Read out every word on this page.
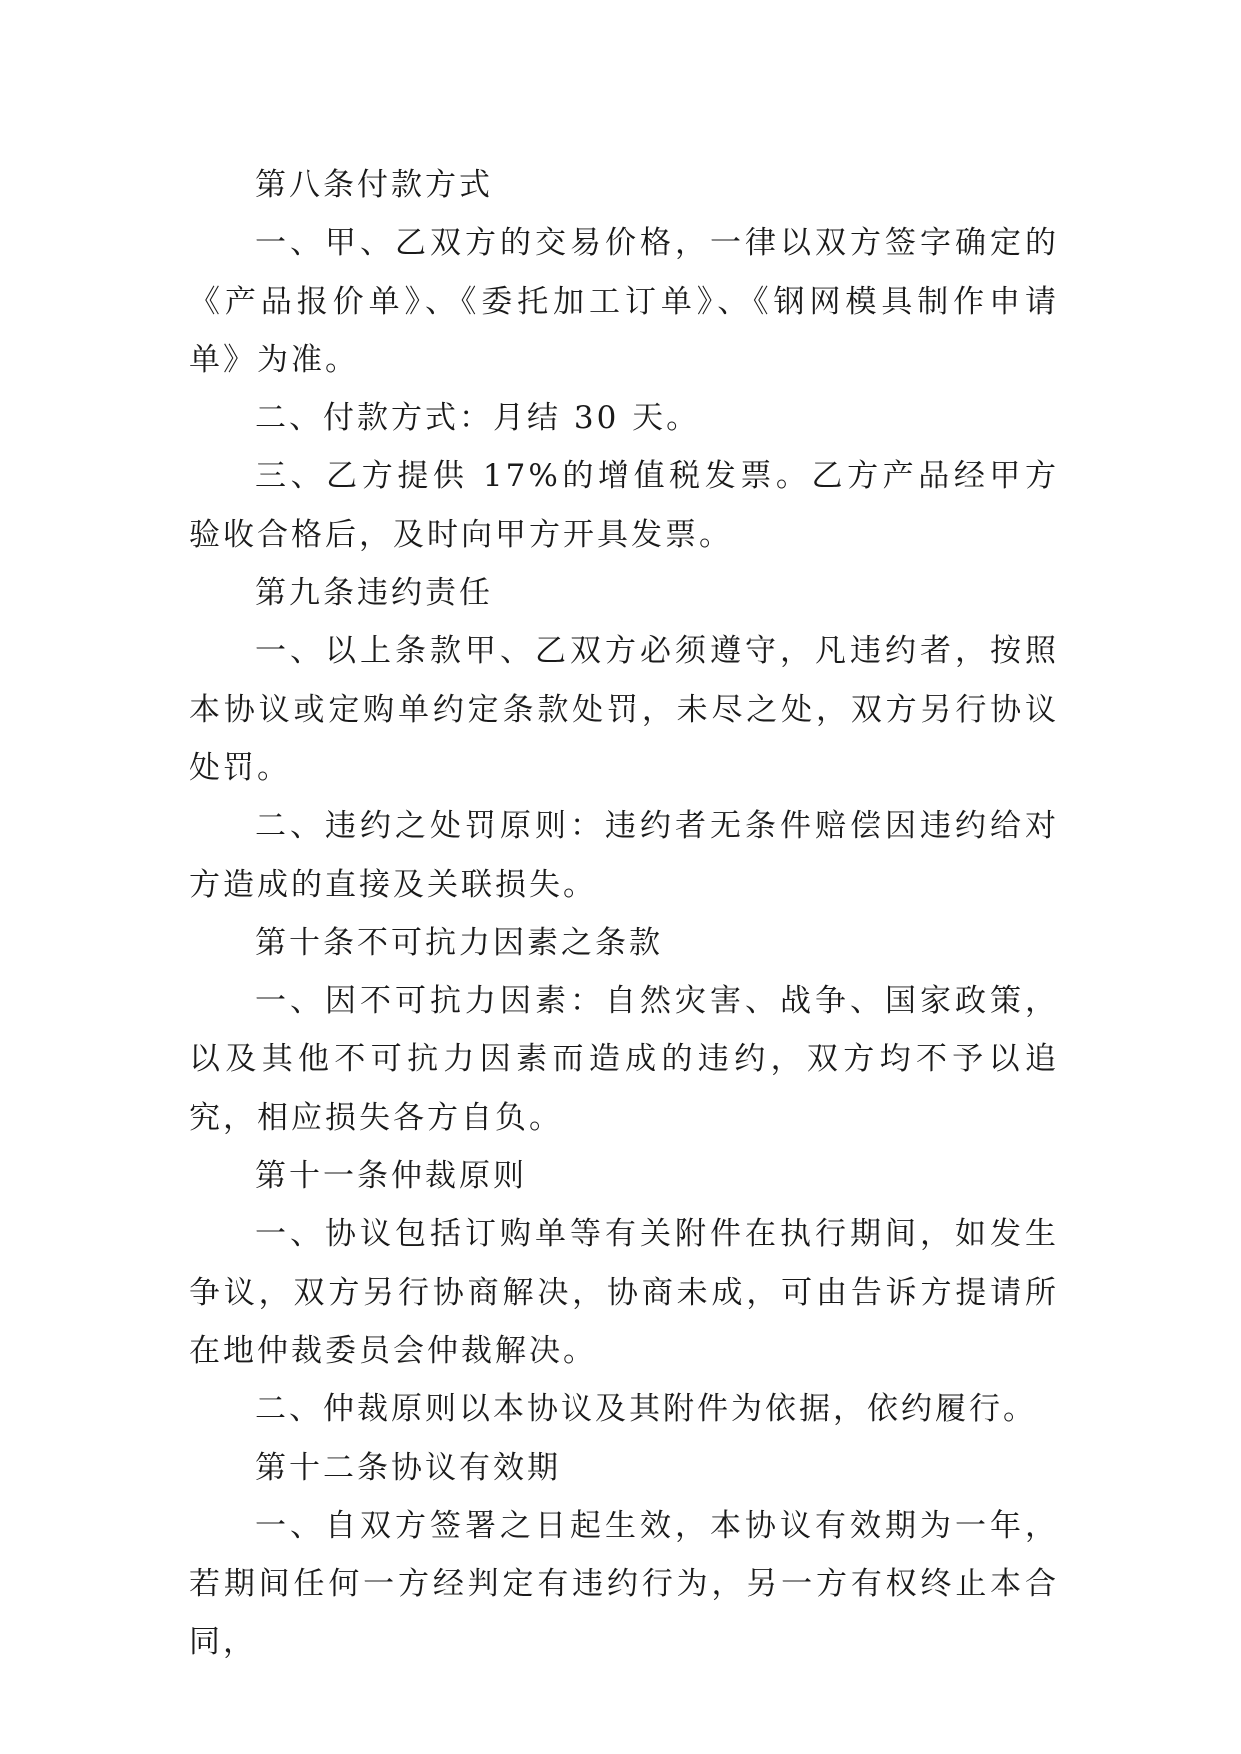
第八条付款方式

一、甲、乙双方的交易价格，一律以双方签字确定的《产品报价单》、《委托加工订单》、《钢网模具制作申请单》为准。

二、付款方式：月结 30 天。

三、乙方提供 17%的增值税发票。乙方产品经甲方验收合格后，及时向甲方开具发票。

第九条违约责任

一、以上条款甲、乙双方必须遵守，凡违约者，按照本协议或定购单约定条款处罚，未尽之处，双方另行协议处罚。

二、违约之处罚原则：违约者无条件赔偿因违约给对方造成的直接及关联损失。

第十条不可抗力因素之条款

一、因不可抗力因素：自然灾害、战争、国家政策，以及其他不可抗力因素而造成的违约，双方均不予以追究，相应损失各方自负。

第十一条仲裁原则

一、协议包括订购单等有关附件在执行期间，如发生争议，双方另行协商解决，协商未成，可由告诉方提请所在地仲裁委员会仲裁解决。

二、仲裁原则以本协议及其附件为依据，依约履行。

第十二条协议有效期

一、自双方签署之日起生效，本协议有效期为一年，若期间任何一方经判定有违约行为，另一方有权终止本合同，
